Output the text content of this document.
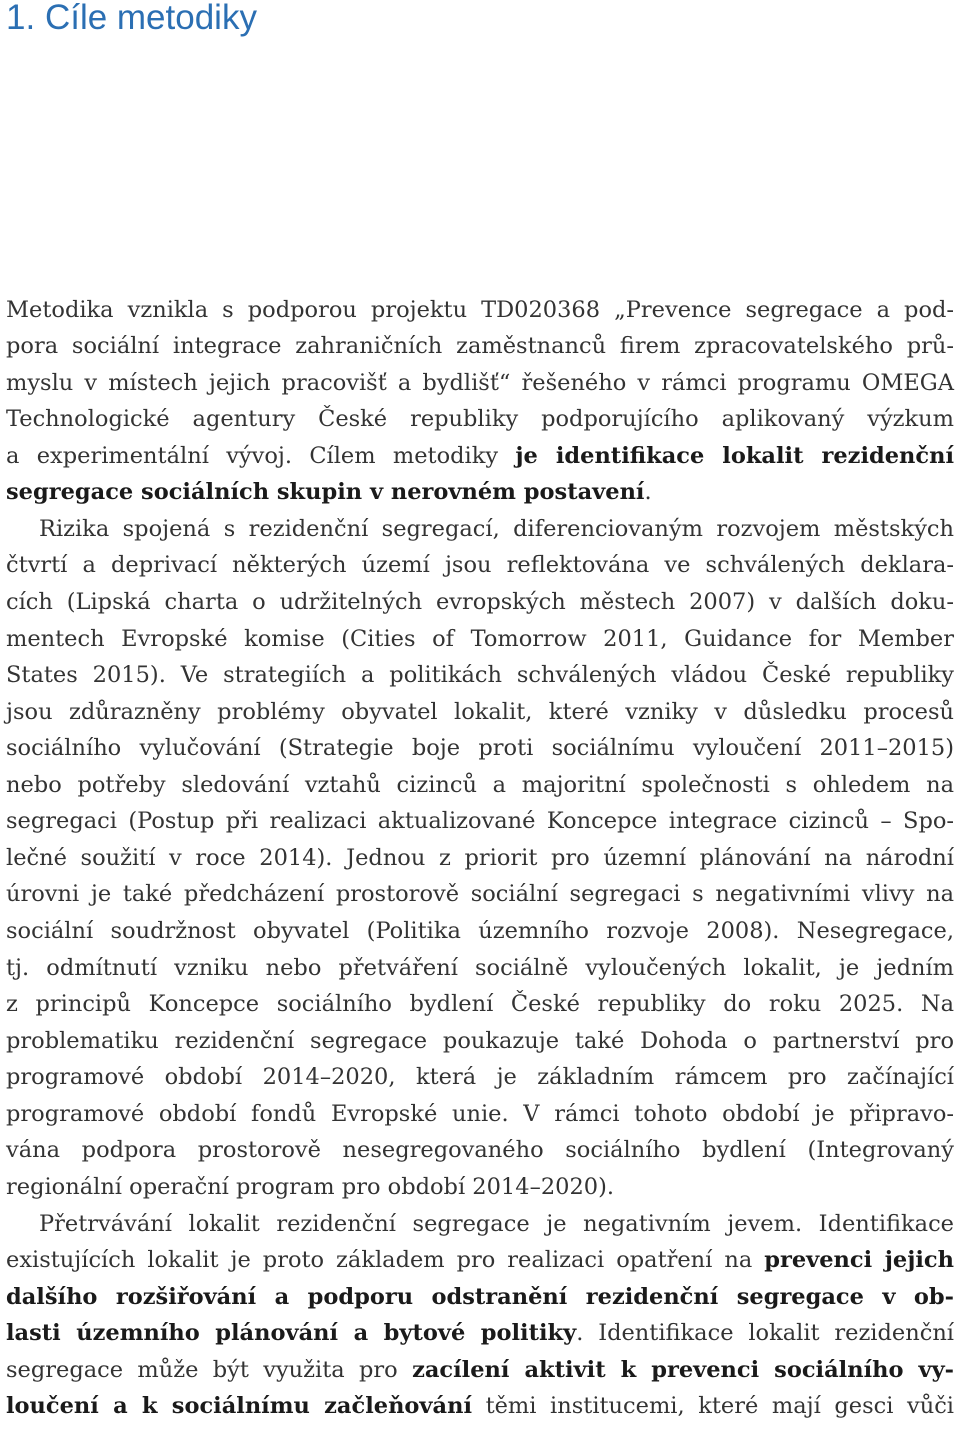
1. Cíle metodiky
Metodika vznikla s podporou projektu TD020368 „Prevence segregace a pod-
pora sociální integrace zahraničních zaměstnanců firem zpracovatelského prů-
myslu v místech jejich pracovišť a bydlišť“ řešeného v rámci programu OMEGA
Technologické agentury České republiky podporujícího aplikovaný výzkum
a experimentální vývoj. Cílem metodiky je identifikace lokalit rezidenční
segregace sociálních skupin v nerovném postavení.
Rizika spojená s rezidenční segregací, diferenciovaným rozvojem městských
čtvrtí a deprivací některých území jsou reflektována ve schválených deklara-
cích (Lipská charta o udržitelných evropských městech 2007) v dalších doku-
mentech Evropské komise (Cities of Tomorrow 2011, Guidance for Member
States 2015). Ve strategiích a politikách schválených vládou České republiky
jsou zdůrazněny problémy obyvatel lokalit, které vzniky v důsledku procesů
sociálního vylučování (Strategie boje proti sociálnímu vyloučení 2011–2015)
nebo potřeby sledování vztahů cizinců a majoritní společnosti s ohledem na
segregaci (Postup při realizaci aktualizované Koncepce integrace cizinců – Spo-
lečné soužití v roce 2014). Jednou z priorit pro územní plánování na národní
úrovni je také předcházení prostorově sociální segregaci s negativními vlivy na
sociální soudržnost obyvatel (Politika územního rozvoje 2008). Nesegregace,
tj. odmítnutí vzniku nebo přetváření sociálně vyloučených lokalit, je jedním
z principů Koncepce sociálního bydlení České republiky do roku 2025. Na
problematiku rezidenční segregace poukazuje také Dohoda o partnerství pro
programové období 2014–2020, která je základním rámcem pro začínající
programové období fondů Evropské unie. V rámci tohoto období je připravo-
vána podpora prostorově nesegregovaného sociálního bydlení (Integrovaný
regionální operační program pro období 2014–2020).
Přetrvávání lokalit rezidenční segregace je negativním jevem. Identifikace
existujících lokalit je proto základem pro realizaci opatření na prevenci jejich
dalšího rozšiřování a podporu odstranění rezidenční segregace v ob-
lasti územního plánování a bytové politiky. Identifikace lokalit rezidenční
segregace může být využita pro zacílení aktivit k prevenci sociálního vy-
loučení a k sociálnímu začleňování těmi institucemi, které mají gesci vůči
